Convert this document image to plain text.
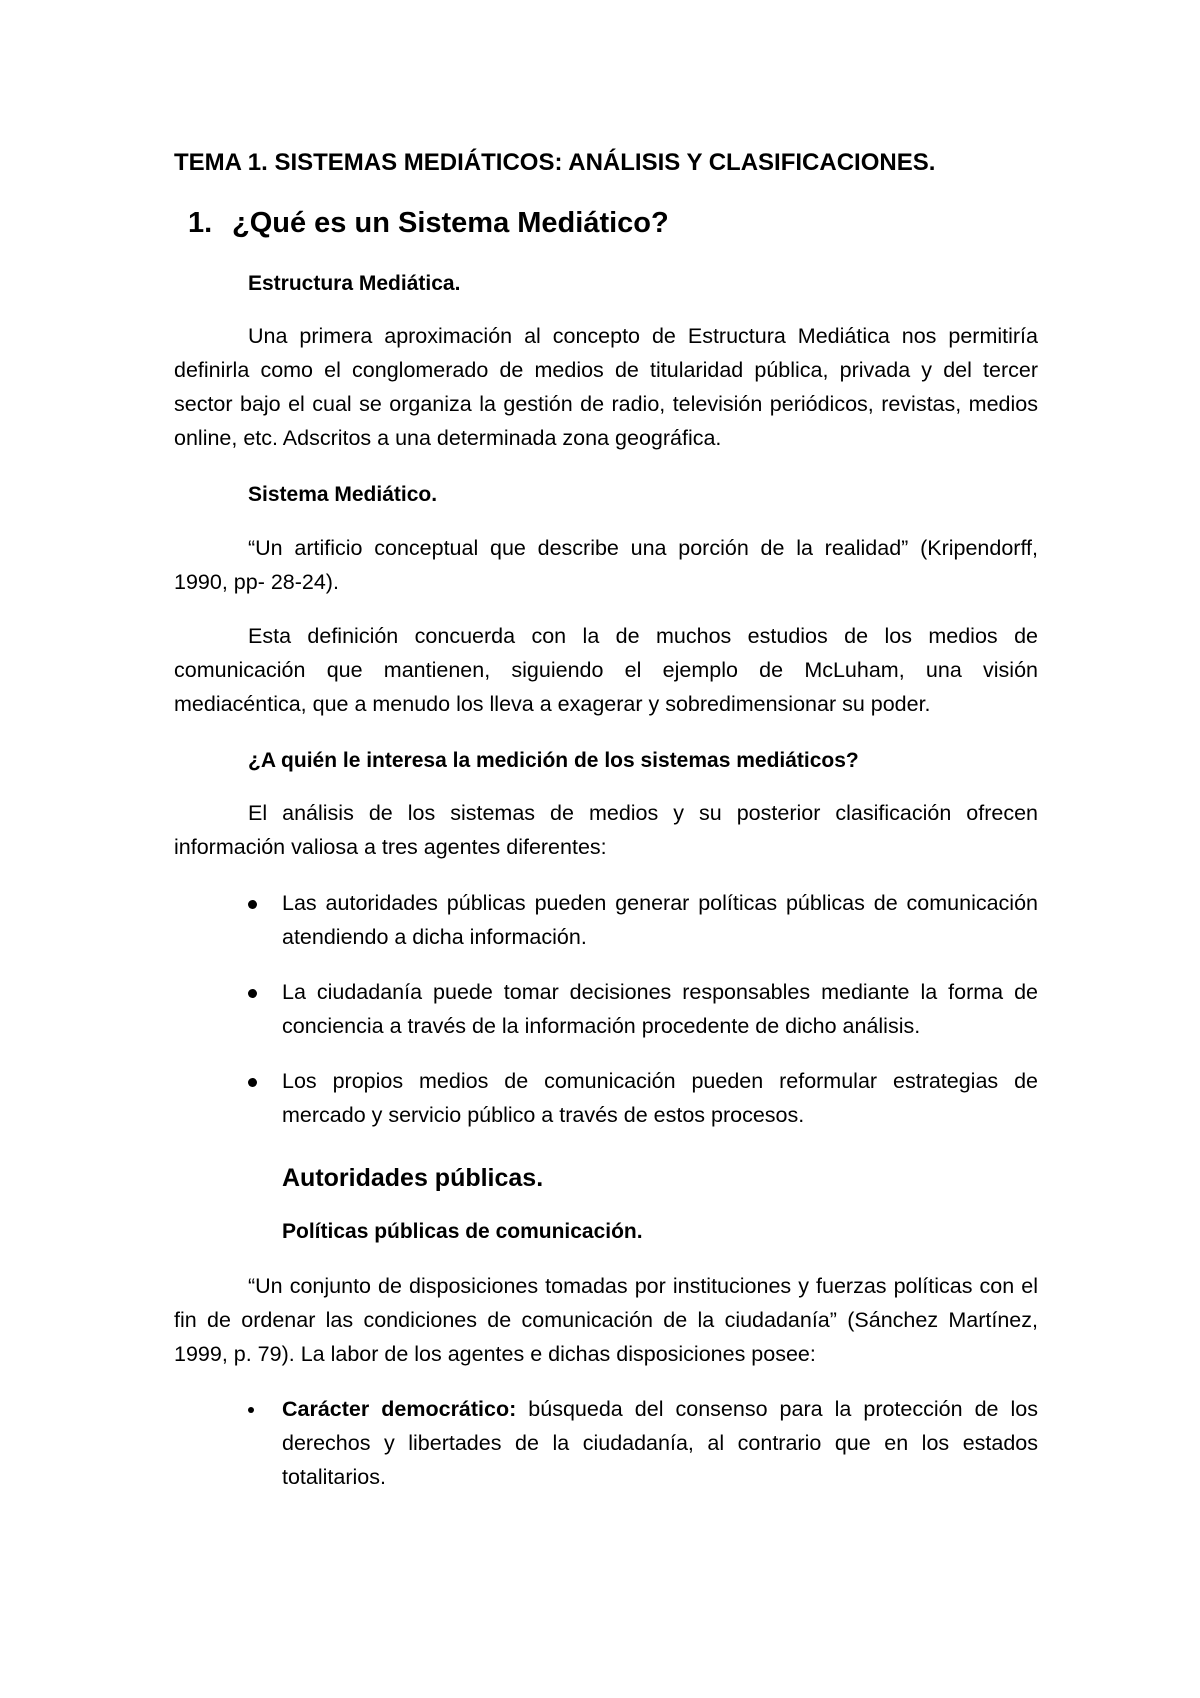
TEMA 1. SISTEMAS MEDIÁTICOS: ANÁLISIS Y CLASIFICACIONES.
1. ¿Qué es un Sistema Mediático?
Estructura Mediática.

Una primera aproximación al concepto de Estructura Mediática nos permitiría definirla como el conglomerado de medios de titularidad pública, privada y del tercer sector bajo el cual se organiza la gestión de radio, televisión periódicos, revistas, medios online, etc. Adscritos a una determinada zona geográfica.

Sistema Mediático.

“Un artificio conceptual que describe una porción de la realidad” (Kripendorff, 1990, pp- 28-24).

Esta definición concuerda con la de muchos estudios de los medios de comunicación que mantienen, siguiendo el ejemplo de McLuham, una visión mediacéntica, que a menudo los lleva a exagerar y sobredimensionar su poder.

¿A quién le interesa la medición de los sistemas mediáticos?

El análisis de los sistemas de medios y su posterior clasificación ofrecen información valiosa a tres agentes diferentes:

Las autoridades públicas pueden generar políticas públicas de comunicación atendiendo a dicha información.
La ciudadanía puede tomar decisiones responsables mediante la forma de conciencia a través de la información procedente de dicho análisis.
Los propios medios de comunicación pueden reformular estrategias de mercado y servicio público a través de estos procesos.
Autoridades públicas.
Políticas públicas de comunicación.

“Un conjunto de disposiciones tomadas por instituciones y fuerzas políticas con el fin de ordenar las condiciones de comunicación de la ciudadanía” (Sánchez Martínez, 1999, p. 79). La labor de los agentes e dichas disposiciones posee:

Carácter democrático: búsqueda del consenso para la protección de los derechos y libertades de la ciudadanía, al contrario que en los estados totalitarios.
